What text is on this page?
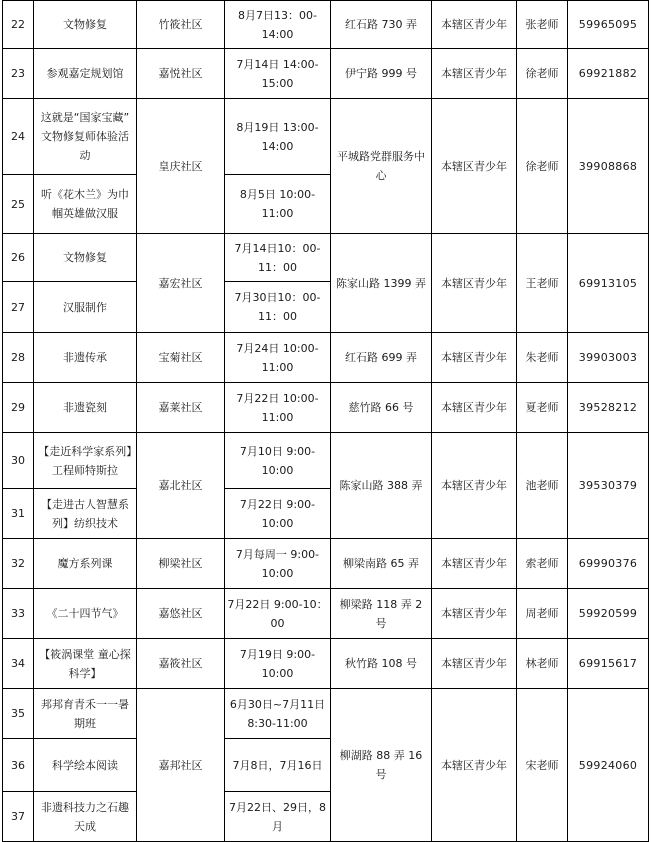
22	文物修复	竹筱社区	8月7日13：00-14:00	红石路 730 弄	本辖区青少年	张老师	59965095
23	参观嘉定规划馆	嘉悦社区	7月14日 14:00-15:00	伊宁路 999 号	本辖区青少年	徐老师	69921882
24	这就是“国家宝藏” 文物修复师体验活动	皇庆社区	8月19日 13:00-14:00	平城路党群服务中心	本辖区青少年	徐老师	39908868
25	听《花木兰》为巾帼英雄做汉服		8月5日 10:00-11:00				
26	文物修复	嘉宏社区	7月14日10：00-11：00	陈家山路 1399 弄	本辖区青少年	王老师	69913105
27	汉服制作		7月30日10：00-11：00				
28	非遗传承	宝菊社区	7月24日 10:00-11:00	红石路 699 弄	本辖区青少年	朱老师	39903003
29	非遗瓷刻	嘉莱社区	7月22日 10:00-11:00	慈竹路 66 号	本辖区青少年	夏老师	39528212
30	【走近科学家系列】工程师特斯拉	嘉北社区	7月10日 9:00-10:00	陈家山路 388 弄	本辖区青少年	池老师	39530379
31	【走进古人智慧系列】纺织技术		7月22日 9:00-10:00				
32	魔方系列课	柳梁社区	7月每周一 9:00-10:00	柳梁南路 65 弄	本辖区青少年	索老师	69990376
33	《二十四节气》	嘉悠社区	7月22日 9:00-10：00	柳梁路 118 弄 2 号	本辖区青少年	周老师	59920599
34	【筱涡课堂 童心探科学】	嘉筱社区	7月19日 9:00-10:00	秋竹路 108 号	本辖区青少年	林老师	69915617
35	邦邦育青禾一一暑期班	嘉邦社区	6月30日~7月11日8:30-11:00	柳湖路 88 弄 16 号	本辖区青少年	宋老师	59924060
36	科学绘本阅读		7月8日，7月16日				
37	非遗科技力之石趣天成		7月22日、29日，8月				
